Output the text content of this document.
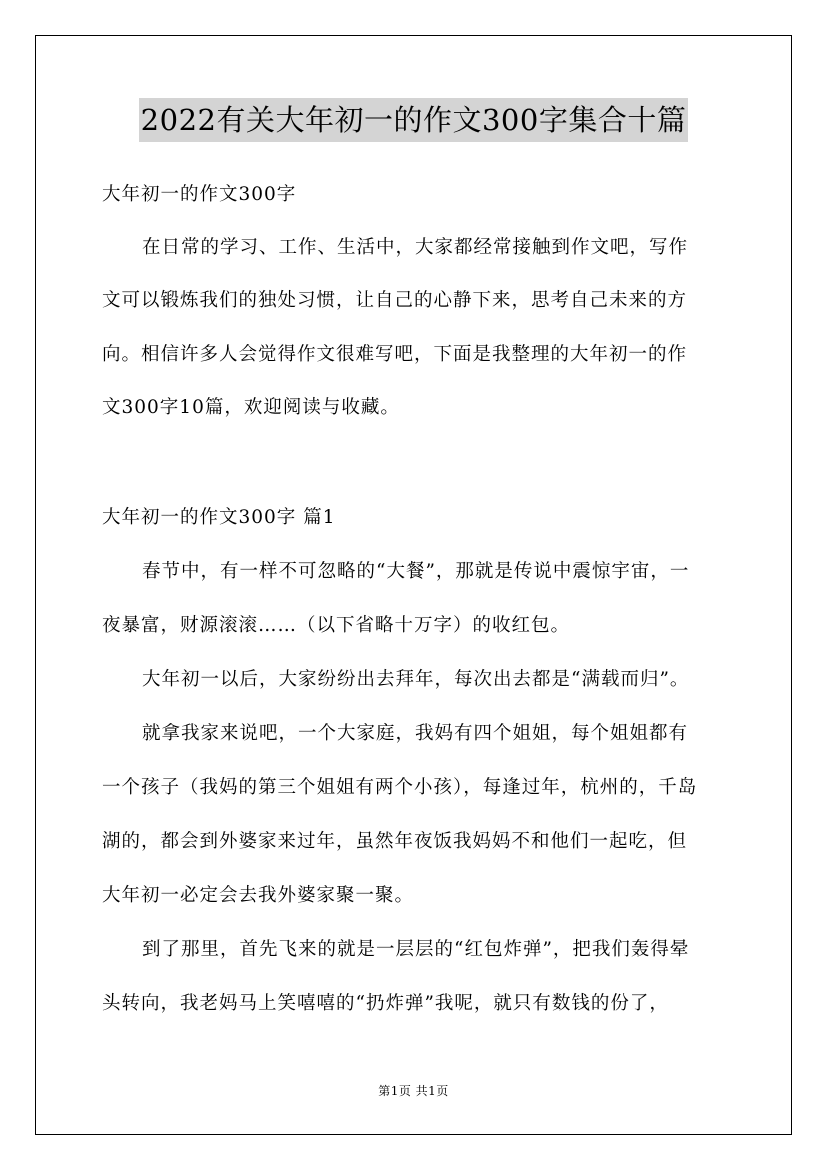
2022有关大年初一的作文300字集合十篇
大年初一的作文300字
在日常的学习、工作、生活中，大家都经常接触到作文吧，写作
文可以锻炼我们的独处习惯，让自己的心静下来，思考自己未来的方
向。相信许多人会觉得作文很难写吧，下面是我整理的大年初一的作
文300字10篇，欢迎阅读与收藏。
大年初一的作文300字 篇1
春节中，有一样不可忽略的“大餐”，那就是传说中震惊宇宙，一
夜暴富，财源滚滚……（以下省略十万字）的收红包。
大年初一以后，大家纷纷出去拜年，每次出去都是“满载而归”。
就拿我家来说吧，一个大家庭，我妈有四个姐姐，每个姐姐都有
一个孩子（我妈的第三个姐姐有两个小孩），每逢过年，杭州的，千岛
湖的，都会到外婆家来过年，虽然年夜饭我妈妈不和他们一起吃，但
大年初一必定会去我外婆家聚一聚。
到了那里，首先飞来的就是一层层的“红包炸弹”，把我们轰得晕
头转向，我老妈马上笑嘻嘻的“扔炸弹”我呢，就只有数钱的份了，
第1页 共1页
